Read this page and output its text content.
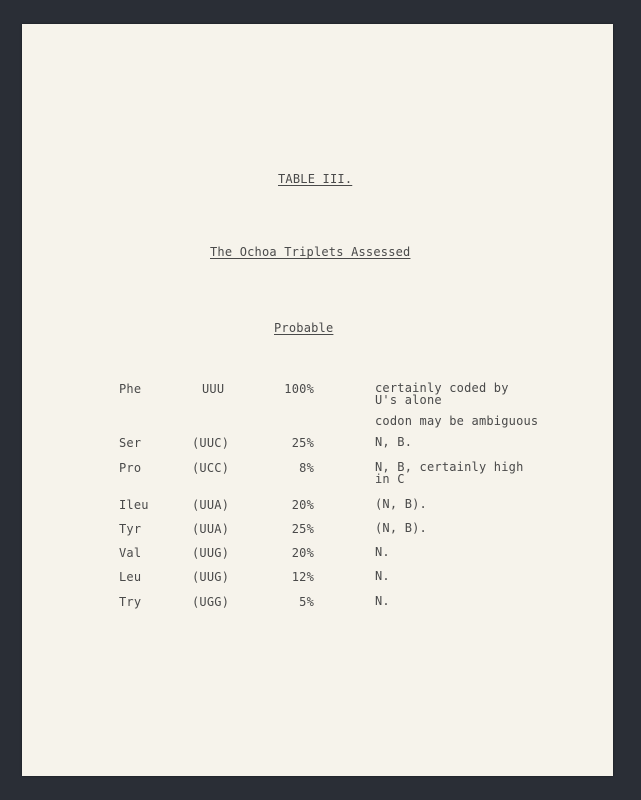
TABLE III.
The Ochoa Triplets Assessed
Probable
Phe	UUU	100%	certainly coded by
U's alone
codon may be ambiguous
Ser	(UUC)	25%	N, B.
Pro	(UCC)	8%	N, B, certainly high
in C
Ileu	(UUA)	20%	(N, B).
Tyr	(UUA)	25%	(N, B).
Val	(UUG)	20%	N.
Leu	(UUG)	12%	N.
Try	(UGG)	5%	N.
